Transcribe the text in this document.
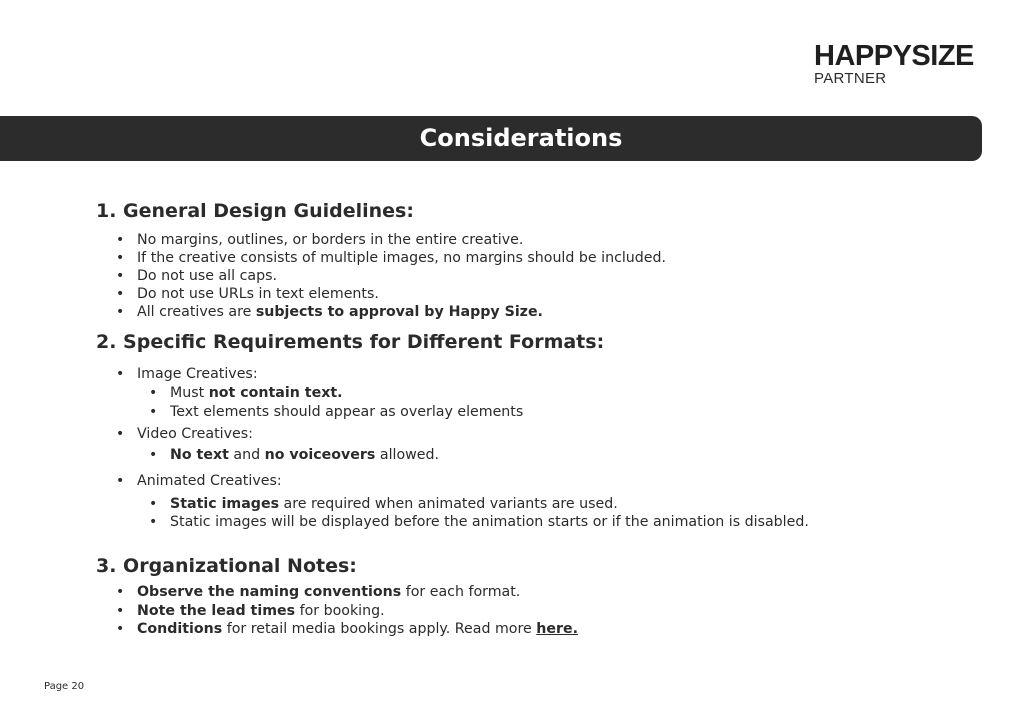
HAPPYSIZE
PARTNER
Considerations
1. General Design Guidelines:
• No margins, outlines, or borders in the entire creative.
• If the creative consists of multiple images, no margins should be included.
• Do not use all caps.
• Do not use URLs in text elements.
• All creatives are subjects to approval by Happy Size.
2. Specific Requirements for Different Formats:
• Image Creatives:
• Must not contain text.
• Text elements should appear as overlay elements
• Video Creatives:
• No text and no voiceovers allowed.
• Animated Creatives:
• Static images are required when animated variants are used.
• Static images will be displayed before the animation starts or if the animation is disabled.
3. Organizational Notes:
• Observe the naming conventions for each format.
• Note the lead times for booking.
• Conditions for retail media bookings apply. Read more here.
Page 20
